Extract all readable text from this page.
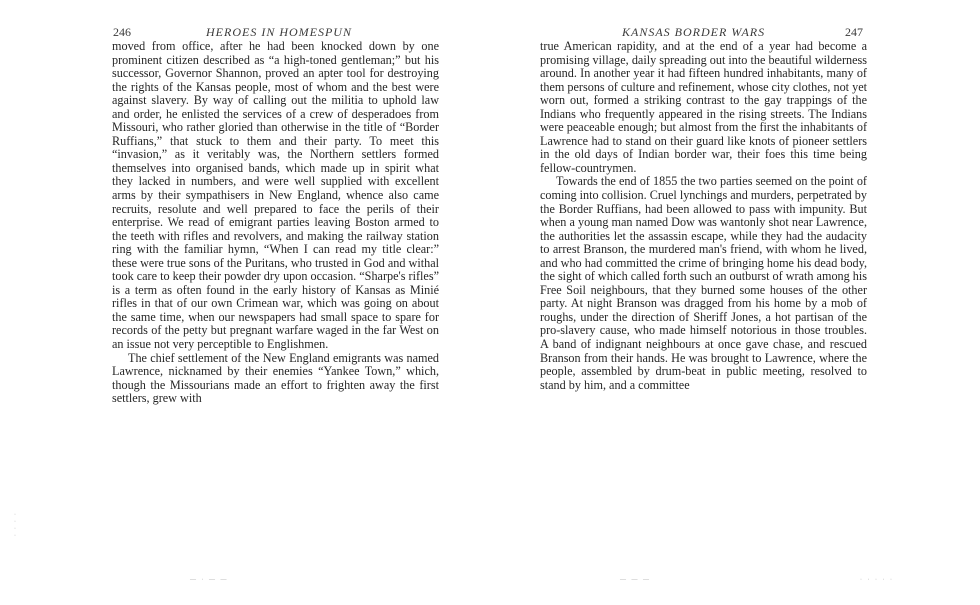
246	HEROES IN HOMESPUN

moved from office, after he had been knocked down by one prominent citizen described as “a high-toned gentleman;” but his successor, Governor Shannon, proved an apter tool for destroying the rights of the Kansas people, most of whom and the best were against slavery. By way of calling out the militia to uphold law and order, he enlisted the services of a crew of desperadoes from Missouri, who rather gloried than otherwise in the title of “Border Ruffians,” that stuck to them and their party. To meet this “invasion,” as it veritably was, the Northern settlers formed themselves into organised bands, which made up in spirit what they lacked in numbers, and were well supplied with excellent arms by their sympathisers in New England, whence also came recruits, resolute and well prepared to face the perils of their enterprise. We read of emigrant parties leaving Boston armed to the teeth with rifles and revolvers, and making the railway station ring with the familiar hymn, “When I can read my title clear:” these were true sons of the Puritans, who trusted in God and withal took care to keep their powder dry upon occasion. “Sharpe's rifles” is a term as often found in the early history of Kansas as Minié rifles in that of our own Crimean war, which was going on about the same time, when our newspapers had small space to spare for records of the petty but pregnant warfare waged in the far West on an issue not very perceptible to Englishmen.

The chief settlement of the New England emigrants was named Lawrence, nicknamed by their enemies “Yankee Town,” which, though the Missourians made an effort to frighten away the first settlers, grew with

·
·
·
·
— · — —
KANSAS BORDER WARS	247

true American rapidity, and at the end of a year had become a promising village, daily spreading out into the beautiful wilderness around. In another year it had fifteen hundred inhabitants, many of them persons of culture and refinement, whose city clothes, not yet worn out, formed a striking contrast to the gay trappings of the Indians who frequently appeared in the rising streets. The Indians were peaceable enough; but almost from the first the inhabitants of Lawrence had to stand on their guard like knots of pioneer settlers in the old days of Indian border war, their foes this time being fellow-countrymen.

Towards the end of 1855 the two parties seemed on the point of coming into collision. Cruel lynchings and murders, perpetrated by the Border Ruffians, had been allowed to pass with impunity. But when a young man named Dow was wantonly shot near Lawrence, the authorities let the assassin escape, while they had the audacity to arrest Branson, the murdered man's friend, with whom he lived, and who had committed the crime of bringing home his dead body, the sight of which called forth such an outburst of wrath among his Free Soil neighbours, that they burned some houses of the other party. At night Branson was dragged from his home by a mob of roughs, under the direction of Sheriff Jones, a hot partisan of the pro-slavery cause, who made himself notorious in those troubles. A band of indignant neighbours at once gave chase, and rescued Branson from their hands. He was brought to Lawrence, where the people, assembled by drum-beat in public meeting, resolved to stand by him, and a committee

— — —	· · · · ·
